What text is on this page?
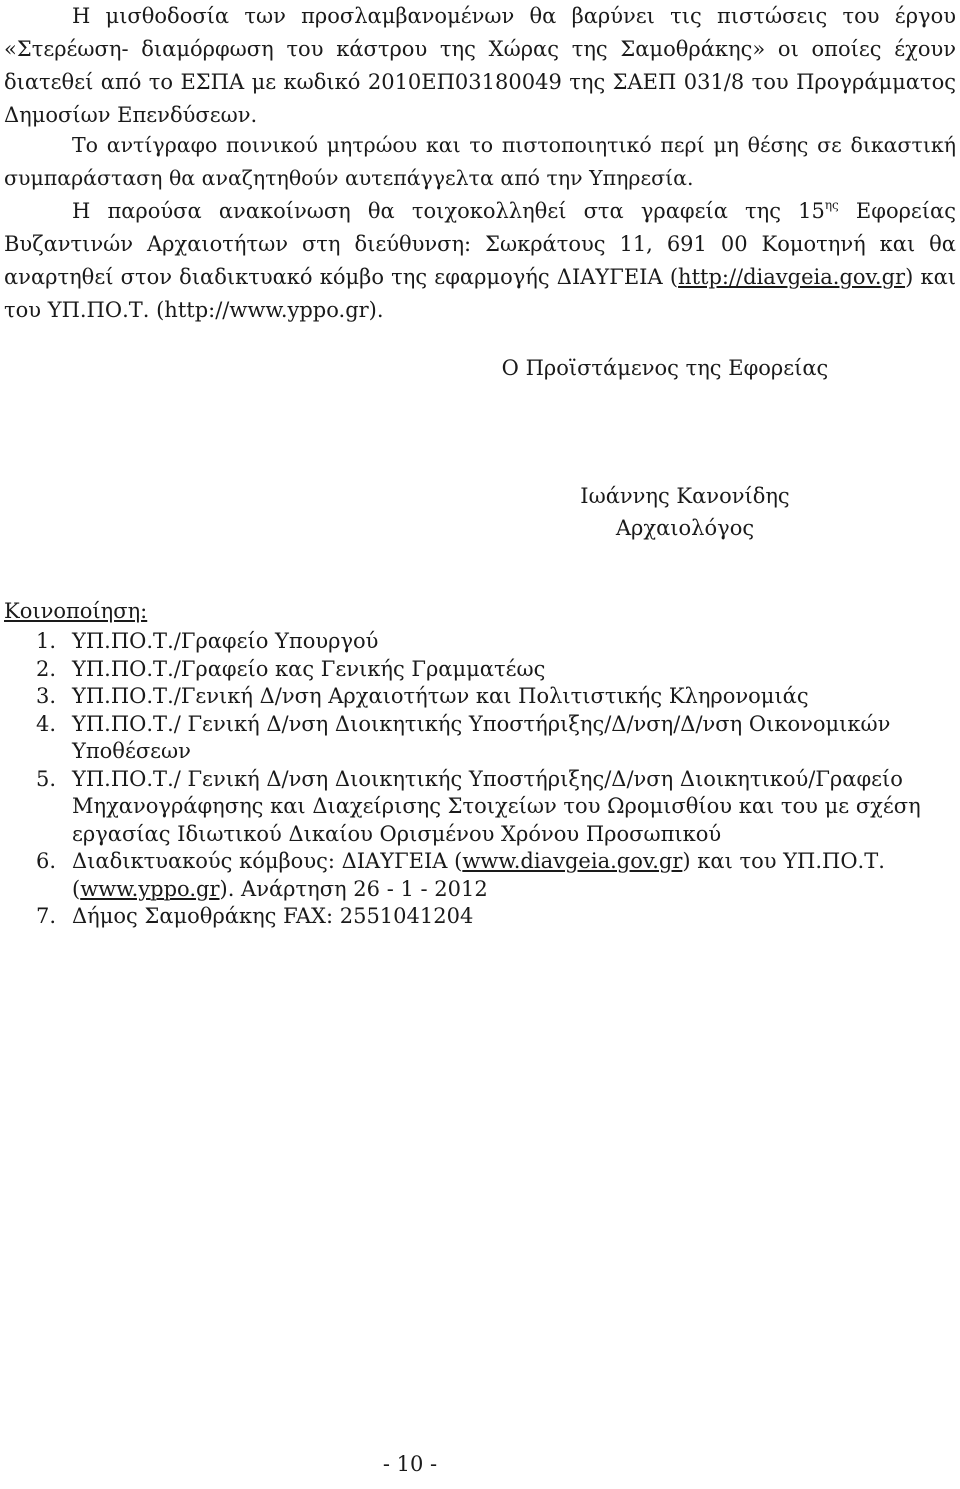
Η μισθοδοσία των προσλαμβανομένων θα βαρύνει τις πιστώσεις του έργου «Στερέωση- διαμόρφωση του κάστρου της Χώρας της Σαμοθράκης» οι οποίες έχουν διατεθεί από το ΕΣΠΑ με κωδικό 2010ΕΠ03180049 της ΣΑΕΠ 031/8 του Προγράμματος Δημοσίων Επενδύσεων.

Το αντίγραφο ποινικού μητρώου και το πιστοποιητικό περί μη θέσης σε δικαστική συμπαράσταση θα αναζητηθούν αυτεπάγγελτα από την Υπηρεσία.

Η παρούσα ανακοίνωση θα τοιχοκολληθεί στα γραφεία της $15^{\eta\varsigma}$ Εφορείας Βυζαντινών Αρχαιοτήτων στη διεύθυνση: Σωκράτους 11, 691 00 Κομοτηνή και θα αναρτηθεί στον διαδικτυακό κόμβο της εφαρμογής ΔΙΑΥΓΕΙΑ (http://diavgeia.gov.gr) και του ΥΠ.ΠΟ.Τ. (http://www.yppo.gr).

Ο Προϊστάμενος της Εφορείας
Ιωάννης Κανονίδης
Αρχαιολόγος

Κοινοποίηση:

1. ΥΠ.ΠΟ.Τ./Γραφείο Υπουργού
2. ΥΠ.ΠΟ.Τ./Γραφείο κας Γενικής Γραμματέως
3. ΥΠ.ΠΟ.Τ./Γενική Δ/νση Αρχαιοτήτων και Πολιτιστικής Κληρονομιάς
4. ΥΠ.ΠΟ.Τ./ Γενική Δ/νση Διοικητικής Υποστήριξης/Δ/νση/Δ/νση Οικονομικών Υποθέσεων
5. ΥΠ.ΠΟ.Τ./ Γενική Δ/νση Διοικητικής Υποστήριξης/Δ/νση Διοικητικού/Γραφείο Μηχανογράφησης και Διαχείρισης Στοιχείων του Ωρομισθίου και του με σχέση εργασίας Ιδιωτικού Δικαίου Ορισμένου Χρόνου Προσωπικού
6. Διαδικτυακούς κόμβους: ΔΙΑΥΓΕΙΑ (www.diavgeia.gov.gr) και του ΥΠ.ΠΟ.Τ. (www.yppo.gr). Ανάρτηση 26 - 1 - 2012
7. Δήμος Σαμοθράκης FAX: 2551041204
- 10 -
